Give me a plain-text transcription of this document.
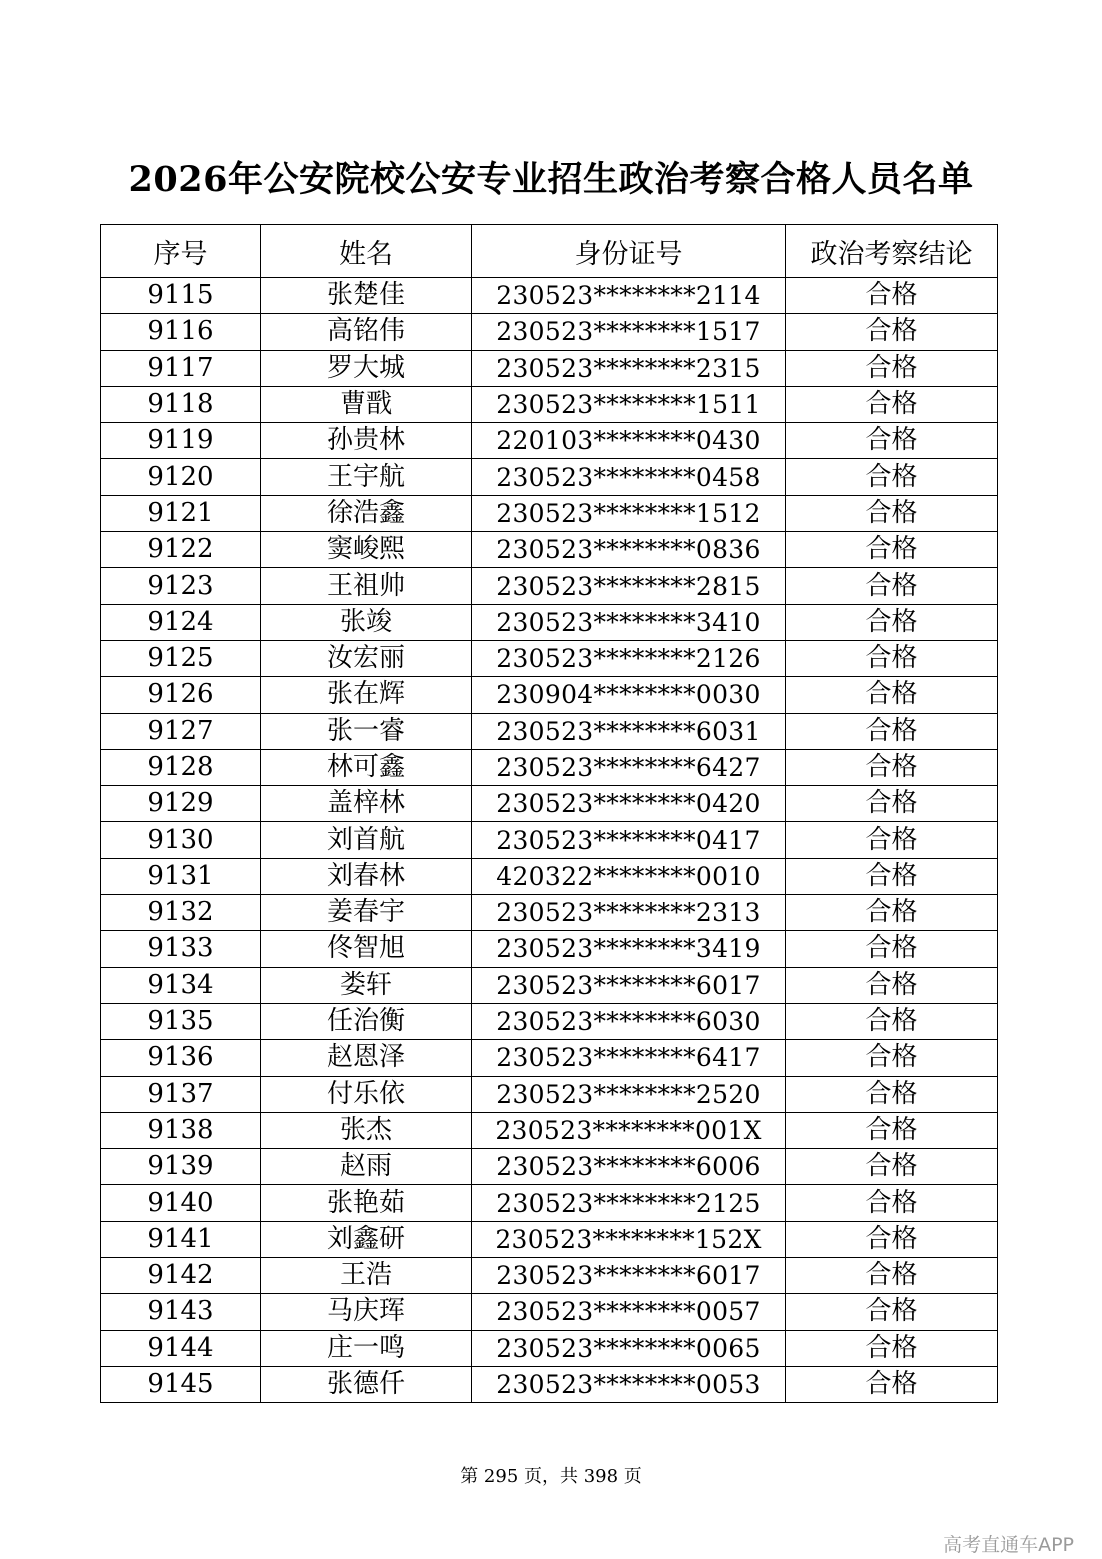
2026年公安院校公安专业招生政治考察合格人员名单
序号	姓名	身份证号	政治考察结论
9115	张楚佳	230523********2114	合格
9116	高铭伟	230523********1517	合格
9117	罗大城	230523********2315	合格
9118	曹戬	230523********1511	合格
9119	孙贵林	220103********0430	合格
9120	王宇航	230523********0458	合格
9121	徐浩鑫	230523********1512	合格
9122	窦峻熙	230523********0836	合格
9123	王祖帅	230523********2815	合格
9124	张竣	230523********3410	合格
9125	汝宏丽	230523********2126	合格
9126	张在辉	230904********0030	合格
9127	张一睿	230523********6031	合格
9128	林可鑫	230523********6427	合格
9129	盖梓林	230523********0420	合格
9130	刘首航	230523********0417	合格
9131	刘春林	420322********0010	合格
9132	姜春宇	230523********2313	合格
9133	佟智旭	230523********3419	合格
9134	娄轩	230523********6017	合格
9135	任治衡	230523********6030	合格
9136	赵恩泽	230523********6417	合格
9137	付乐依	230523********2520	合格
9138	张杰	230523********001X	合格
9139	赵雨	230523********6006	合格
9140	张艳茹	230523********2125	合格
9141	刘鑫研	230523********152X	合格
9142	王浩	230523********6017	合格
9143	马庆珲	230523********0057	合格
9144	庄一鸣	230523********0065	合格
9145	张德仟	230523********0053	合格
第 295 页，共 398 页
高考直通车APP
